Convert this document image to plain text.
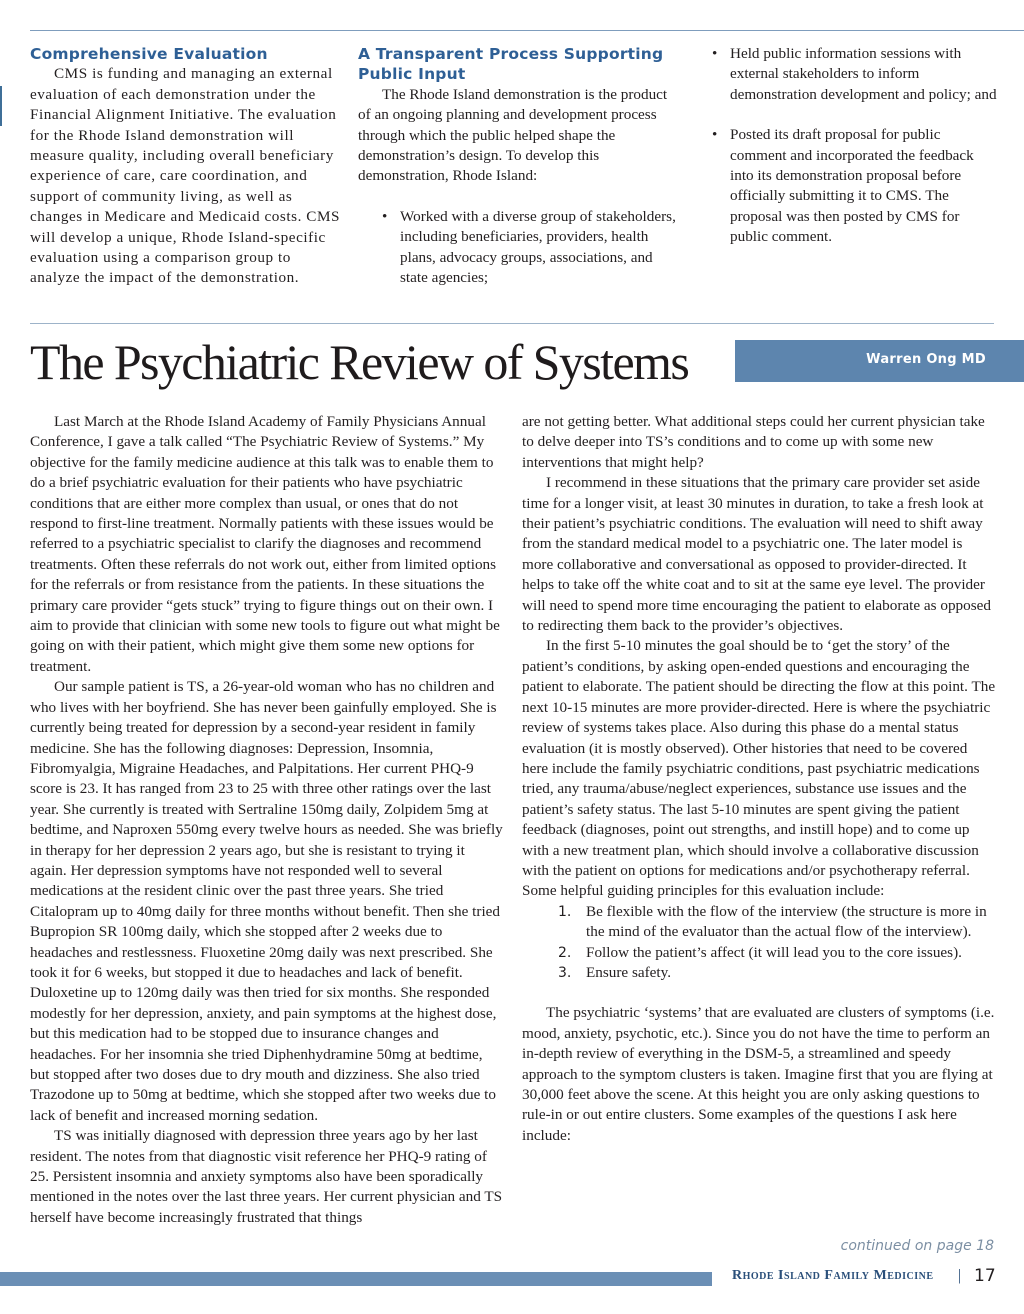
Comprehensive Evaluation

CMS is funding and managing an external evaluation of each demonstration under the Financial Alignment Initiative. The evaluation for the Rhode Island demonstration will measure quality, including overall beneficiary experience of care, care coordination, and support of community living, as well as changes in Medicare and Medicaid costs. CMS will develop a unique, Rhode Island-specific evaluation using a comparison group to analyze the impact of the demonstration.

A Transparent Process Supporting Public Input

The Rhode Island demonstration is the product of an ongoing planning and development process through which the public helped shape the demonstration’s design. To develop this demonstration, Rhode Island:

• Worked with a diverse group of stakeholders, including beneficiaries, providers, health plans, advocacy groups, associations, and state agencies;
• Held public information sessions with external stakeholders to inform demonstration development and policy; and
• Posted its draft proposal for public comment and incorporated the feedback into its demonstration proposal before officially submitting it to CMS. The proposal was then posted by CMS for public comment.
The Psychiatric Review of Systems	Warren Ong MD

Last March at the Rhode Island Academy of Family Physicians Annual Conference, I gave a talk called “The Psychiatric Review of Systems.” My objective for the family medicine audience at this talk was to enable them to do a brief psychiatric evaluation for their patients who have psychiatric conditions that are either more complex than usual, or ones that do not respond to first-line treatment. Normally patients with these issues would be referred to a psychiatric specialist to clarify the diagnoses and recommend treatments. Often these referrals do not work out, either from limited options for the referrals or from resistance from the patients. In these situations the primary care provider “gets stuck” trying to figure things out on their own. I aim to provide that clinician with some new tools to figure out what might be going on with their patient, which might give them some new options for treatment.

Our sample patient is TS, a 26-year-old woman who has no children and who lives with her boyfriend. She has never been gainfully employed. She is currently being treated for depression by a second-year resident in family medicine. She has the following diagnoses: Depression, Insomnia, Fibromyalgia, Migraine Headaches, and Palpitations. Her current PHQ-9 score is 23. It has ranged from 23 to 25 with three other ratings over the last year. She currently is treated with Sertraline 150mg daily, Zolpidem 5mg at bedtime, and Naproxen 550mg every twelve hours as needed. She was briefly in therapy for her depression 2 years ago, but she is resistant to trying it again. Her depression symptoms have not responded well to several medications at the resident clinic over the past three years. She tried Citalopram up to 40mg daily for three months without benefit. Then she tried Bupropion SR 100mg daily, which she stopped after 2 weeks due to headaches and restlessness. Fluoxetine 20mg daily was next prescribed. She took it for 6 weeks, but stopped it due to headaches and lack of benefit. Duloxetine up to 120mg daily was then tried for six months. She responded modestly for her depression, anxiety, and pain symptoms at the highest dose, but this medication had to be stopped due to insurance changes and headaches. For her insomnia she tried Diphenhydramine 50mg at bedtime, but stopped after two doses due to dry mouth and dizziness. She also tried Trazodone up to 50mg at bedtime, which she stopped after two weeks due to lack of benefit and increased morning sedation.

TS was initially diagnosed with depression three years ago by her last resident. The notes from that diagnostic visit reference her PHQ-9 rating of 25. Persistent insomnia and anxiety symptoms also have been sporadically mentioned in the notes over the last three years. Her current physician and TS herself have become increasingly frustrated that things

are not getting better. What additional steps could her current physician take to delve deeper into TS’s conditions and to come up with some new interventions that might help?

I recommend in these situations that the primary care provider set aside time for a longer visit, at least 30 minutes in duration, to take a fresh look at their patient’s psychiatric conditions. The evaluation will need to shift away from the standard medical model to a psychiatric one. The later model is more collaborative and conversational as opposed to provider-directed. It helps to take off the white coat and to sit at the same eye level. The provider will need to spend more time encouraging the patient to elaborate as opposed to redirecting them back to the provider’s objectives.

In the first 5-10 minutes the goal should be to ‘get the story’ of the patient’s conditions, by asking open-ended questions and encouraging the patient to elaborate. The patient should be directing the flow at this point. The next 10-15 minutes are more provider-directed. Here is where the psychiatric review of systems takes place. Also during this phase do a mental status evaluation (it is mostly observed). Other histories that need to be covered here include the family psychiatric conditions, past psychiatric medications tried, any trauma/abuse/neglect experiences, substance use issues and the patient’s safety status. The last 5-10 minutes are spent giving the patient feedback (diagnoses, point out strengths, and instill hope) and to come up with a new treatment plan, which should involve a collaborative discussion with the patient on options for medications and/or psychotherapy referral. Some helpful guiding principles for this evaluation include:

1. Be flexible with the flow of the interview (the structure is more in the mind of the evaluator than the actual flow of the interview).
2. Follow the patient’s affect (it will lead you to the core issues).
3. Ensure safety.

The psychiatric ‘systems’ that are evaluated are clusters of symptoms (i.e. mood, anxiety, psychotic, etc.). Since you do not have the time to perform an in-depth review of everything in the DSM-5, a streamlined and speedy approach to the symptom clusters is taken. Imagine first that you are flying at 30,000 feet above the scene. At this height you are only asking questions to rule-in or out entire clusters. Some examples of the questions I ask here include:

continued on page 18
Rhode Island Family Medicine | 17
